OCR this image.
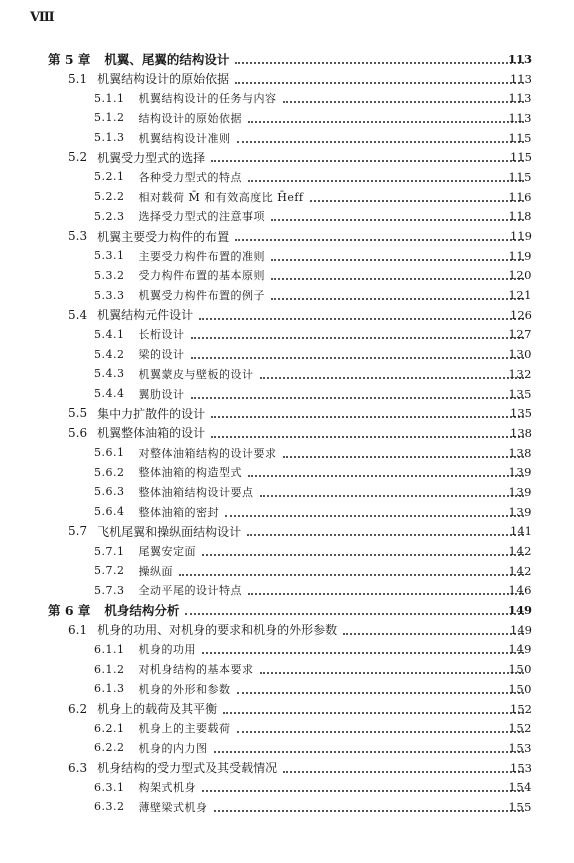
Ⅷ
第 5 章 机翼、尾翼的结构设计	113
5.1 机翼结构设计的原始依据	113
5.1.1 机翼结构设计的任务与内容	113
5.1.2 结构设计的原始依据	113
5.1.3 机翼结构设计准则	115
5.2 机翼受力型式的选择	115
5.2.1 各种受力型式的特点	115
5.2.2 相对载荷 M̄ 和有效高度比 H̄eff	116
5.2.3 选择受力型式的注意事项	118
5.3 机翼主要受力构件的布置	119
5.3.1 主要受力构件布置的准则	119
5.3.2 受力构件布置的基本原则	120
5.3.3 机翼受力构件布置的例子	121
5.4 机翼结构元件设计	126
5.4.1 长桁设计	127
5.4.2 梁的设计	130
5.4.3 机翼蒙皮与壁板的设计	132
5.4.4 翼肋设计	135
5.5 集中力扩散件的设计	135
5.6 机翼整体油箱的设计	138
5.6.1 对整体油箱结构的设计要求	138
5.6.2 整体油箱的构造型式	139
5.6.3 整体油箱结构设计要点	139
5.6.4 整体油箱的密封	139
5.7 飞机尾翼和操纵面结构设计	141
5.7.1 尾翼安定面	142
5.7.2 操纵面	142
5.7.3 全动平尾的设计特点	146
第 6 章 机身结构分析	149
6.1 机身的功用、对机身的要求和机身的外形参数	149
6.1.1 机身的功用	149
6.1.2 对机身结构的基本要求	150
6.1.3 机身的外形和参数	150
6.2 机身上的载荷及其平衡	152
6.2.1 机身上的主要载荷	152
6.2.2 机身的内力图	153
6.3 机身结构的受力型式及其受载情况	153
6.3.1 构架式机身	154
6.3.2 薄壁梁式机身	155
